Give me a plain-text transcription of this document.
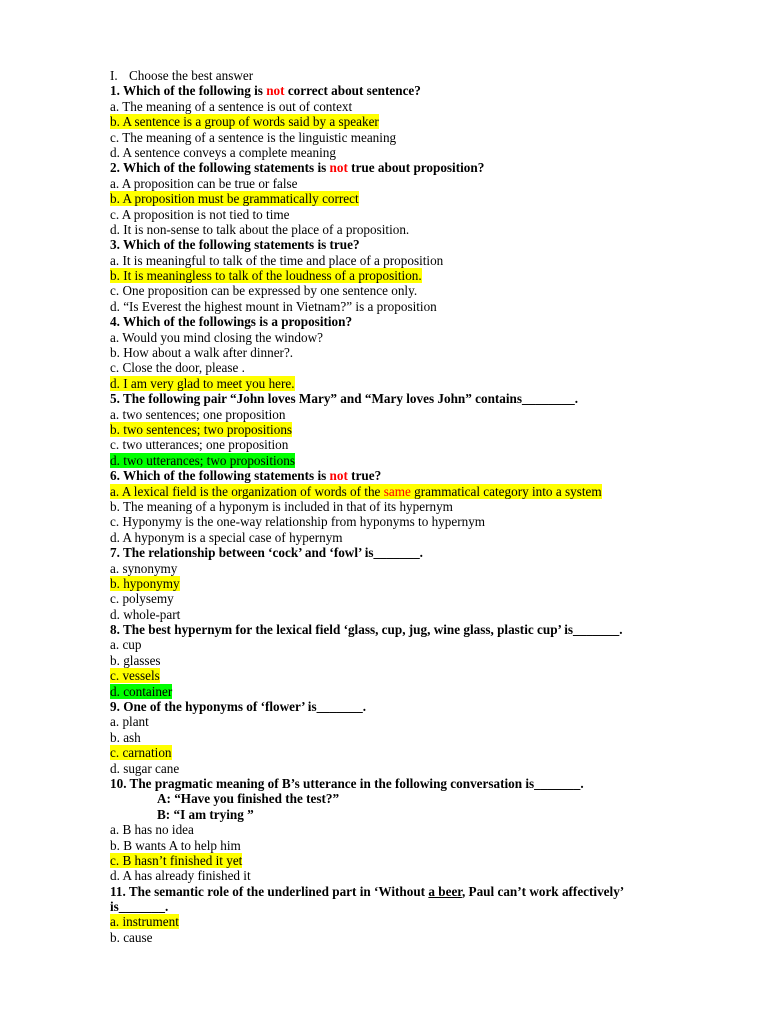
I. Choose the best answer
1. Which of the following is not correct about sentence?
a. The meaning of a sentence is out of context
b. A sentence is a group of words said by a speaker
c. The meaning of a sentence is the linguistic meaning
d. A sentence conveys a complete meaning
2. Which of the following statements is not true about proposition?
a. A proposition can be true or false
b. A proposition must be grammatically correct
c. A proposition is not tied to time
d. It is non-sense to talk about the place of a proposition.
3. Which of the following statements is true?
a. It is meaningful to talk of the time and place of a proposition
b. It is meaningless to talk of the loudness of a proposition.
c. One proposition can be expressed by one sentence only.
d. “Is Everest the highest mount in Vietnam?” is a proposition
4. Which of the followings is a proposition?
a. Would you mind closing the window?
b. How about a walk after dinner?.
c. Close the door, please .
d. I am very glad to meet you here.
5. The following pair “John loves Mary” and “Mary loves John” contains________.
a. two sentences; one proposition
b. two sentences; two propositions
c. two utterances; one proposition
d. two utterances; two propositions
6. Which of the following statements is not true?
a. A lexical field is the organization of words of the same grammatical category into a system
b. The meaning of a hyponym is included in that of its hypernym
c. Hyponymy is the one-way relationship from hyponyms to hypernym
d. A hyponym is a special case of hypernym
7. The relationship between ‘cock’ and ‘fowl’ is_______.
a. synonymy
b. hyponymy
c. polysemy
d. whole-part
8. The best hypernym for the lexical field ‘glass, cup, jug, wine glass, plastic cup’ is_______.
a. cup
b. glasses
c. vessels
d. container
9. One of the hyponyms of ‘flower’ is_______.
a. plant
b. ash
c. carnation
d. sugar cane
10. The pragmatic meaning of B’s utterance in the following conversation is_______.
A: “Have you finished the test?”
B: “I am trying ”
a. B has no idea
b. B wants A to help him
c. B hasn’t finished it yet
d. A has already finished it
11. The semantic role of the underlined part in ‘Without a beer, Paul can’t work affectively’
is_______.
a. instrument
b. cause
